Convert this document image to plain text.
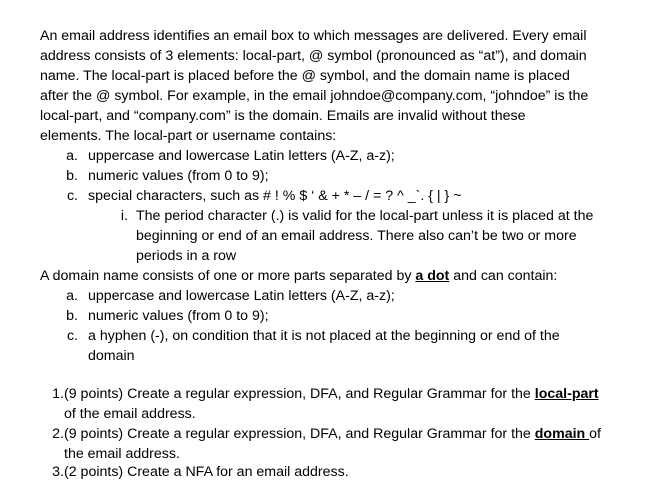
An email address identifies an email box to which messages are delivered. Every email
address consists of 3 elements: local-part, @ symbol (pronounced as “at”), and domain
name. The local-part is placed before the @ symbol, and the domain name is placed
after the @ symbol. For example, in the email johndoe@company.com, “johndoe” is the
local-part, and “company.com” is the domain. Emails are invalid without these
elements. The local-part or username contains:
a. uppercase and lowercase Latin letters (A-Z, a-z);
b. numeric values (from 0 to 9);
c. special characters, such as # ! % $ ‘ & + * – / = ? ^ _`. { | } ~
i. The period character (.) is valid for the local-part unless it is placed at the
beginning or end of an email address. There also can’t be two or more
periods in a row
A domain name consists of one or more parts separated by a dot and can contain:
a. uppercase and lowercase Latin letters (A-Z, a-z);
b. numeric values (from 0 to 9);
c. a hyphen (-), on condition that it is not placed at the beginning or end of the
domain
1. (9 points) Create a regular expression, DFA, and Regular Grammar for the local-part
of the email address.
2. (9 points) Create a regular expression, DFA, and Regular Grammar for the domain of
the email address.
3. (2 points) Create a NFA for an email address.
